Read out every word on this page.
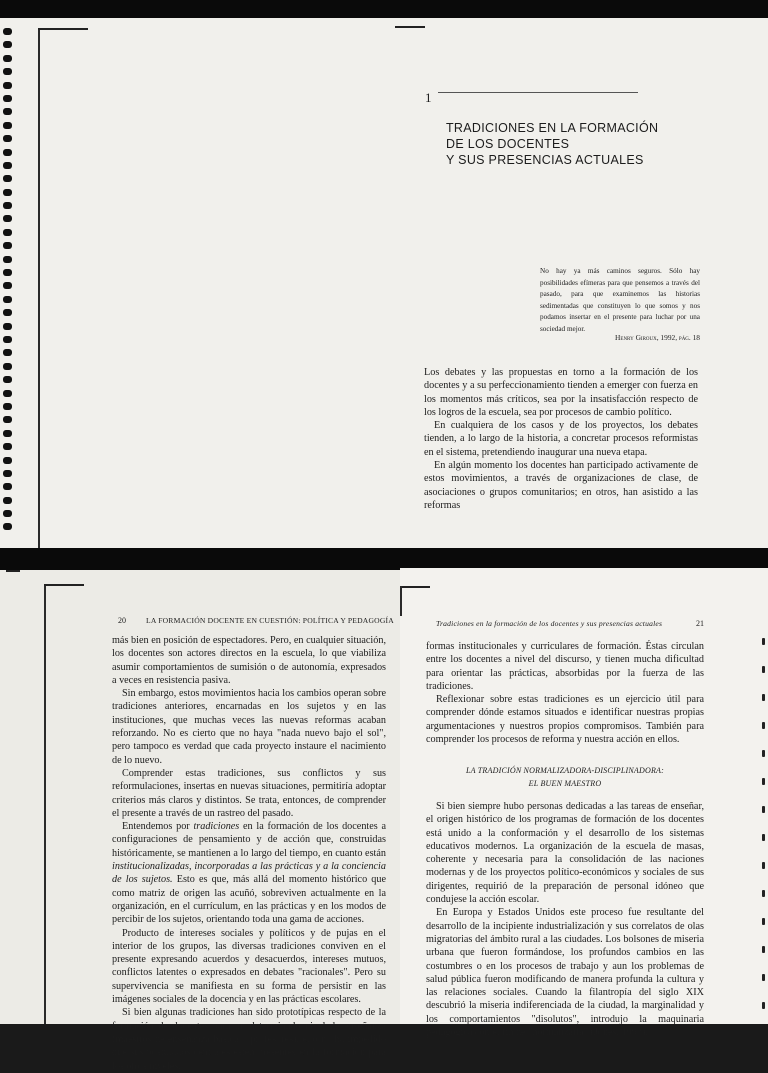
1
TRADICIONES EN LA FORMACIÓN
DE LOS DOCENTES
Y SUS PRESENCIAS ACTUALES
No hay ya más caminos seguros. Sólo hay posibilidades efímeras para que pensemos a través del pasado, para que examinemos las historias sedimentadas que constituyen lo que somos y nos podamos insertar en el presente para luchar por una sociedad mejor.
Henry Giroux, 1992, pág. 18

Los debates y las propuestas en torno a la formación de los docentes y a su perfeccionamiento tienden a emerger con fuerza en los momentos más críticos, sea por la insatisfacción respecto de los logros de la escuela, sea por procesos de cambio político.

En cualquiera de los casos y de los proyectos, los debates tienden, a lo largo de la historia, a concretar procesos reformistas en el sistema, pretendiendo inaugurar una nueva etapa.

En algún momento los docentes han participado activamente de estos movimientos, a través de organizaciones de clase, de asociaciones o grupos comunitarios; en otros, han asistido a las reformas

20	LA FORMACIÓN DOCENTE EN CUESTIÓN: POLÍTICA Y PEDAGOGÍA

más bien en posición de espectadores. Pero, en cualquier situación, los docentes son actores directos en la escuela, lo que viabiliza asumir comportamientos de sumisión o de autonomía, expresados a veces en resistencia pasiva.

Sin embargo, estos movimientos hacia los cambios operan sobre tradiciones anteriores, encarnadas en los sujetos y en las instituciones, que muchas veces las nuevas reformas acaban reforzando. No es cierto que no haya "nada nuevo bajo el sol", pero tampoco es verdad que cada proyecto instaure el nacimiento de lo nuevo.

Comprender estas tradiciones, sus conflictos y sus reformulaciones, insertas en nuevas situaciones, permitiría adoptar criterios más claros y distintos. Se trata, entonces, de comprender el presente a través de un rastreo del pasado.

Entendemos por tradiciones en la formación de los docentes a configuraciones de pensamiento y de acción que, construidas históricamente, se mantienen a lo largo del tiempo, en cuanto están institucionalizadas, incorporadas a las prácticas y a la conciencia de los sujetos. Esto es que, más allá del momento histórico que como matriz de origen las acuñó, sobreviven actualmente en la organización, en el currículum, en las prácticas y en los modos de percibir de los sujetos, orientando toda una gama de acciones.

Producto de intereses sociales y políticos y de pujas en el interior de los grupos, las diversas tradiciones conviven en el presente expresando acuerdos y desacuerdos, intereses mutuos, conflictos latentes o expresados en debates "racionales". Pero su supervivencia se manifiesta en su forma de persistir en las imágenes sociales de la docencia y en las prácticas escolares.

Si bien algunas tradiciones han sido prototípicas respecto de la formación de docentes para un determinado nivel de enseñanza (maestros de enseñanza básica o profesores), ello no ha impedido que sus postulados centrales estén presentes en la formación para los otros niveles.

Tradiciones en la formación de los docentes y sus presencias actuales	21

formas institucionales y curriculares de formación. Éstas circulan entre los docentes a nivel del discurso, y tienen mucha dificultad para orientar las prácticas, absorbidas por la fuerza de las tradiciones.

Reflexionar sobre estas tradiciones es un ejercicio útil para comprender dónde estamos situados e identificar nuestras propias argumentaciones y nuestros propios compromisos. También para comprender los procesos de reforma y nuestra acción en ellos.

LA TRADICIÓN NORMALIZADORA-DISCIPLINADORA:
EL BUEN MAESTRO

Si bien siempre hubo personas dedicadas a las tareas de enseñar, el origen histórico de los programas de formación de los docentes está unido a la conformación y el desarrollo de los sistemas educativos modernos. La organización de la escuela de masas, coherente y necesaria para la consolidación de las naciones modernas y de los proyectos político-económicos y sociales de sus dirigentes, requirió de la preparación de personal idóneo que condujese la acción escolar.

En Europa y Estados Unidos este proceso fue resultante del desarrollo de la incipiente industrialización y sus correlatos de olas migratorias del ámbito rural a las ciudades. Los bolsones de miseria urbana que fueron formándose, los profundos cambios en las costumbres o en los procesos de trabajo y aun los problemas de salud pública fueron modificando de manera profunda la cultura y las relaciones sociales. Cuando la filantropía del siglo XIX descubrió la miseria indiferenciada de la ciudad, la marginalidad y los comportamientos "disolutos", introdujo la maquinaria pedagógica con el fin de "normalizarla" (Jones, 1993).
